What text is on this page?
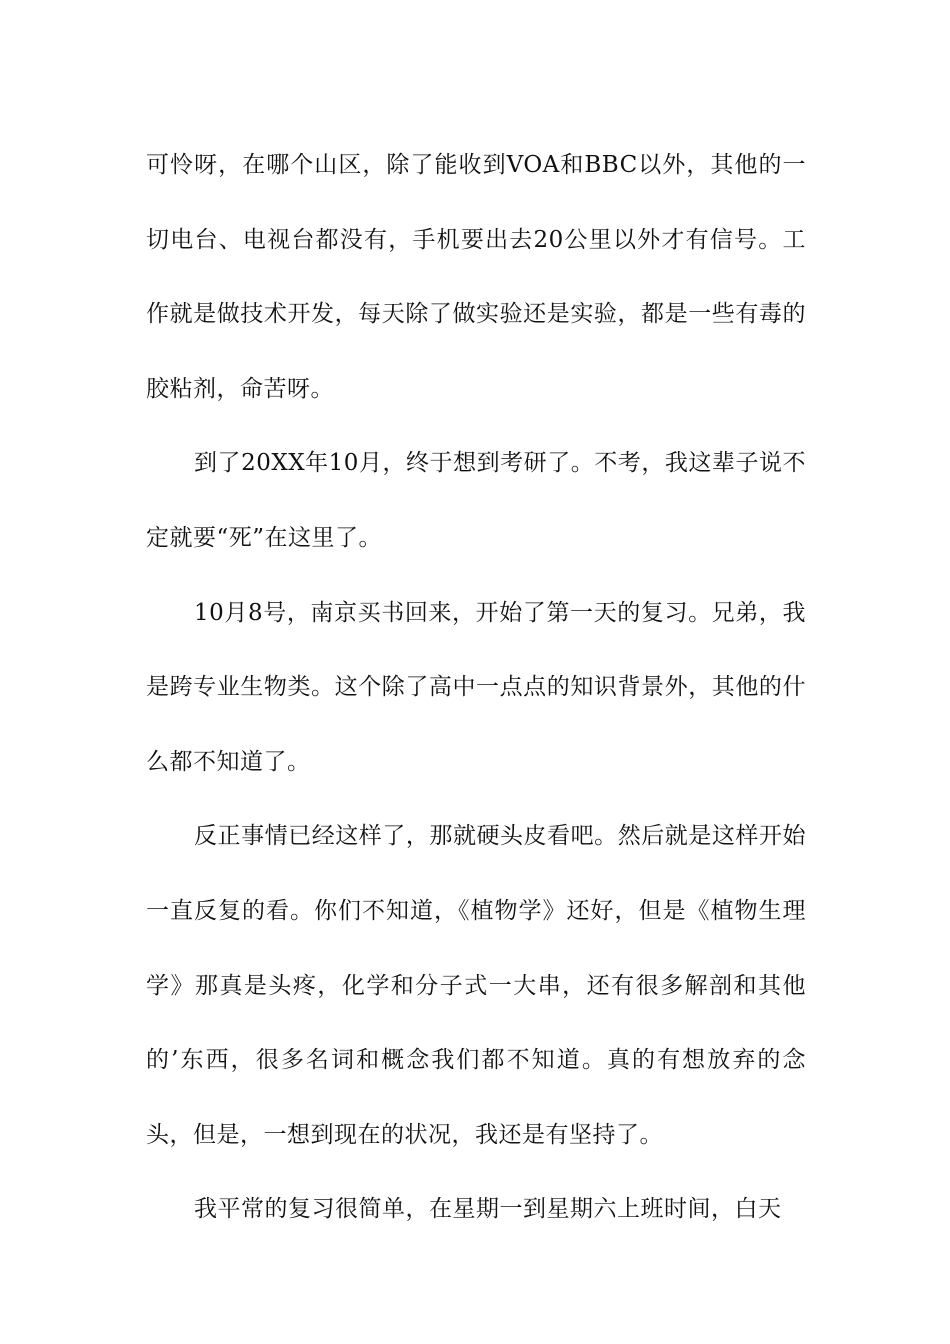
可怜呀，在哪个山区，除了能收到VOA和BBC以外，其他的一切电台、电视台都没有，手机要出去20公里以外才有信号。工作就是做技术开发，每天除了做实验还是实验，都是一些有毒的胶粘剂，命苦呀。

到了20XX年10月，终于想到考研了。不考，我这辈子说不定就要“死”在这里了。

10月8号，南京买书回来，开始了第一天的复习。兄弟，我是跨专业生物类。这个除了高中一点点的知识背景外，其他的什么都不知道了。

反正事情已经这样了，那就硬头皮看吧。然后就是这样开始一直反复的看。你们不知道，《植物学》还好，但是《植物生理学》那真是头疼，化学和分子式一大串，还有很多解剖和其他的’东西，很多名词和概念我们都不知道。真的有想放弃的念头，但是，一想到现在的状况，我还是有坚持了。

我平常的复习很简单，在星期一到星期六上班时间，白天
